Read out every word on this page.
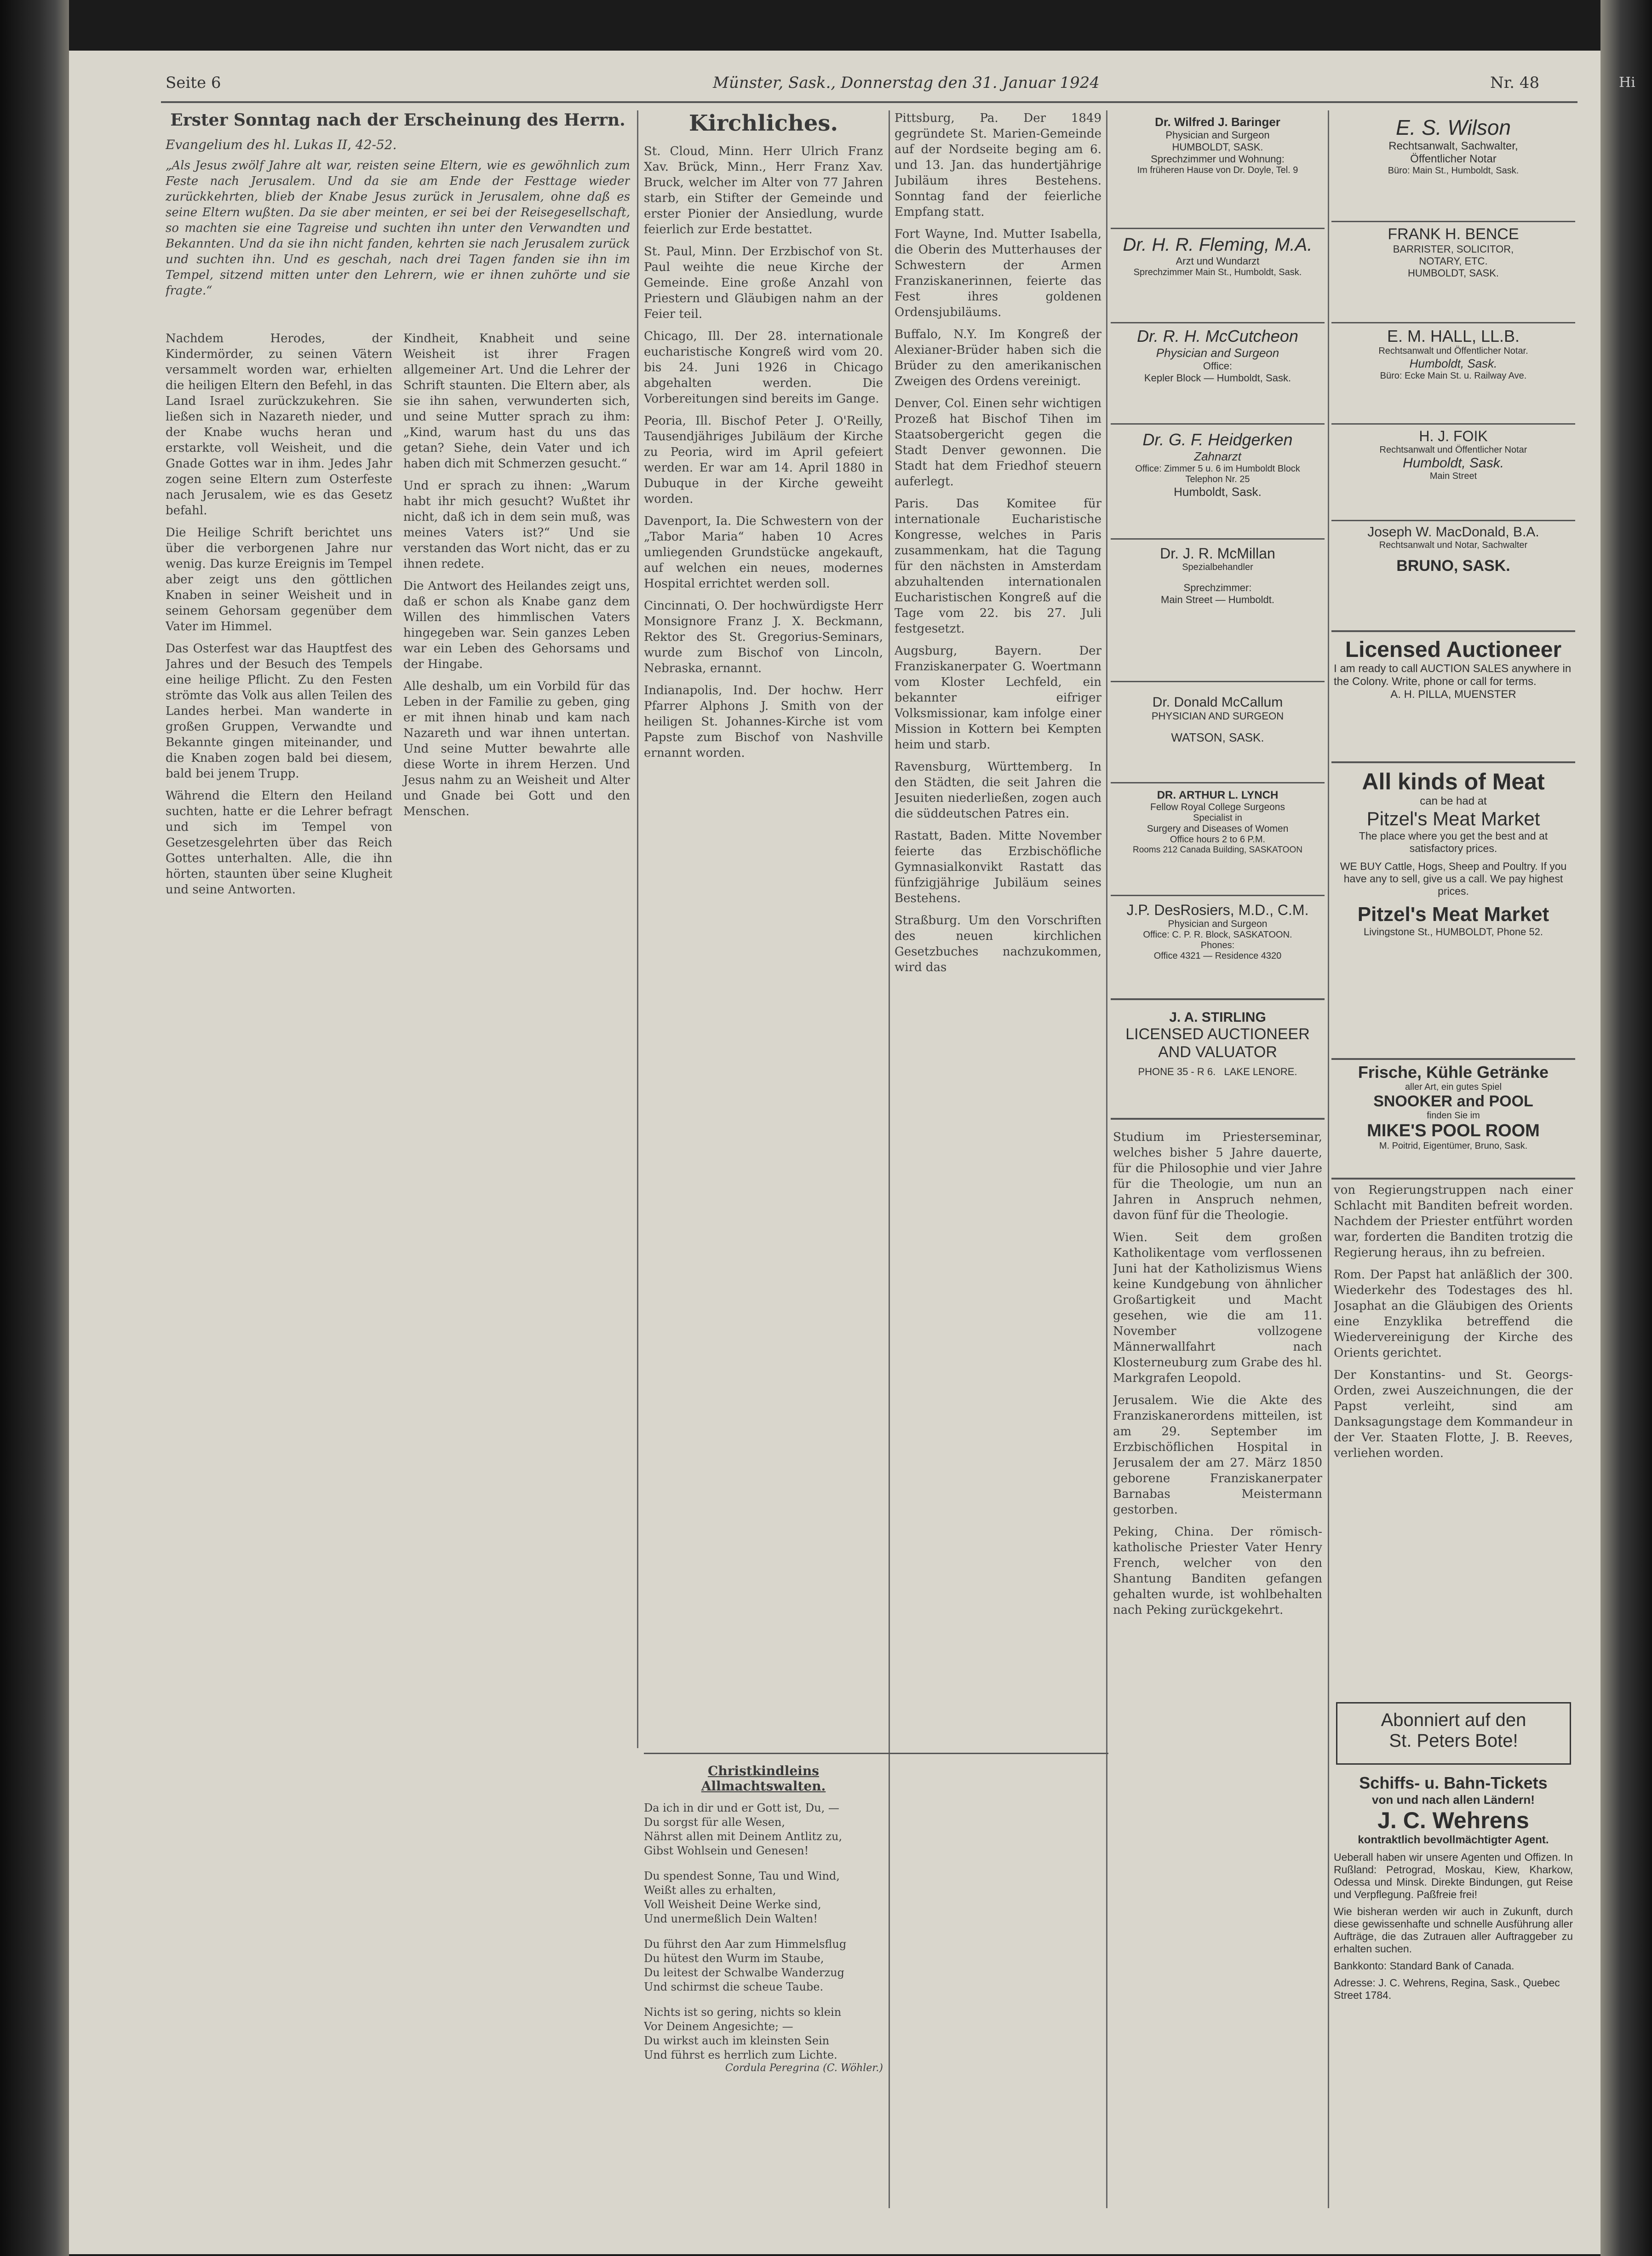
Hi
Seite 6	Münster, Sask., Donnerstag den 31. Januar 1924	Nr. 48
Erster Sonntag nach der Erscheinung des Herrn.
Evangelium des hl. Lukas II, 42-52.

„Als Jesus zwölf Jahre alt war, reisten seine Eltern, wie es gewöhnlich zum Feste nach Jerusalem. Und da sie am Ende der Festtage wieder zurückkehrten, blieb der Knabe Jesus zurück in Jerusalem, ohne daß es seine Eltern wußten. Da sie aber meinten, er sei bei der Reisegesellschaft, so machten sie eine Tagreise und suchten ihn unter den Verwandten und Bekannten. Und da sie ihn nicht fanden, kehrten sie nach Jerusalem zurück und suchten ihn. Und es geschah, nach drei Tagen fanden sie ihn im Tempel, sitzend mitten unter den Lehrern, wie er ihnen zuhörte und sie fragte.“

Nachdem Herodes, der Kindermörder, zu seinen Vätern versammelt worden war, erhielten die heiligen Eltern den Befehl, in das Land Israel zurückzukehren. Sie ließen sich in Nazareth nieder, und der Knabe wuchs heran und erstarkte, voll Weisheit, und die Gnade Gottes war in ihm. Jedes Jahr zogen seine Eltern zum Osterfeste nach Jerusalem, wie es das Gesetz befahl.

Die Heilige Schrift berichtet uns über die verborgenen Jahre nur wenig. Das kurze Ereignis im Tempel aber zeigt uns den göttlichen Knaben in seiner Weisheit und in seinem Gehorsam gegenüber dem Vater im Himmel.

Das Osterfest war das Hauptfest des Jahres und der Besuch des Tempels eine heilige Pflicht. Zu den Festen strömte das Volk aus allen Teilen des Landes herbei. Man wanderte in großen Gruppen, Verwandte und Bekannte gingen miteinander, und die Knaben zogen bald bei diesem, bald bei jenem Trupp.

Während die Eltern den Heiland suchten, hatte er die Lehrer befragt und sich im Tempel von Gesetzesgelehrten über das Reich Gottes unterhalten. Alle, die ihn hörten, staunten über seine Klugheit und seine Antworten.

Kindheit, Knabheit und seine Weisheit ist ihrer Fragen allgemeiner Art. Und die Lehrer der Schrift staunten. Die Eltern aber, als sie ihn sahen, verwunderten sich, und seine Mutter sprach zu ihm: „Kind, warum hast du uns das getan? Siehe, dein Vater und ich haben dich mit Schmerzen gesucht.“

Und er sprach zu ihnen: „Warum habt ihr mich gesucht? Wußtet ihr nicht, daß ich in dem sein muß, was meines Vaters ist?“ Und sie verstanden das Wort nicht, das er zu ihnen redete.

Die Antwort des Heilandes zeigt uns, daß er schon als Knabe ganz dem Willen des himmlischen Vaters hingegeben war. Sein ganzes Leben war ein Leben des Gehorsams und der Hingabe.

Alle deshalb, um ein Vorbild für das Leben in der Familie zu geben, ging er mit ihnen hinab und kam nach Nazareth und war ihnen untertan. Und seine Mutter bewahrte alle diese Worte in ihrem Herzen. Und Jesus nahm zu an Weisheit und Alter und Gnade bei Gott und den Menschen.

Kirchliches.

St. Cloud, Minn. Herr Ulrich Franz Xav. Brück, Minn., Herr Franz Xav. Bruck, welcher im Alter von 77 Jahren starb, ein Stifter der Gemeinde und erster Pionier der Ansiedlung, wurde feierlich zur Erde bestattet.

St. Paul, Minn. Der Erzbischof von St. Paul weihte die neue Kirche der Gemeinde. Eine große Anzahl von Priestern und Gläubigen nahm an der Feier teil.

Chicago, Ill. Der 28. internationale eucharistische Kongreß wird vom 20. bis 24. Juni 1926 in Chicago abgehalten werden. Die Vorbereitungen sind bereits im Gange.

Peoria, Ill. Bischof Peter J. O'Reilly, Tausendjähriges Jubiläum der Kirche zu Peoria, wird im April gefeiert werden. Er war am 14. April 1880 in Dubuque in der Kirche geweiht worden.

Davenport, Ia. Die Schwestern von der „Tabor Maria“ haben 10 Acres umliegenden Grundstücke angekauft, auf welchen ein neues, modernes Hospital errichtet werden soll.

Cincinnati, O. Der hochwürdigste Herr Monsignore Franz J. X. Beckmann, Rektor des St. Gregorius-Seminars, wurde zum Bischof von Lincoln, Nebraska, ernannt.

Indianapolis, Ind. Der hochw. Herr Pfarrer Alphons J. Smith von der heiligen St. Johannes-Kirche ist vom Papste zum Bischof von Nashville ernannt worden.

Christkindleins Allmachtswalten.
Da ich in dir und er Gott ist, Du, —
Du sorgst für alle Wesen,
Nährst allen mit Deinem Antlitz zu,
Gibst Wohlsein und Genesen!
Du spendest Sonne, Tau und Wind,
Weißt alles zu erhalten,
Voll Weisheit Deine Werke sind,
Und unermeßlich Dein Walten!
Du führst den Aar zum Himmelsflug
Du hütest den Wurm im Staube,
Du leitest der Schwalbe Wanderzug
Und schirmst die scheue Taube.
Nichts ist so gering, nichts so klein
Vor Deinem Angesichte; —
Du wirkst auch im kleinsten Sein
Und führst es herrlich zum Lichte.
Cordula Peregrina (C. Wöhler.)

Pittsburg, Pa. Der 1849 gegründete St. Marien-Gemeinde auf der Nordseite beging am 6. und 13. Jan. das hundertjährige Jubiläum ihres Bestehens. Sonntag fand der feierliche Empfang statt.

Fort Wayne, Ind. Mutter Isabella, die Oberin des Mutterhauses der Schwestern der Armen Franziskanerinnen, feierte das Fest ihres goldenen Ordensjubiläums.

Buffalo, N.Y. Im Kongreß der Alexianer-Brüder haben sich die Brüder zu den amerikanischen Zweigen des Ordens vereinigt.

Denver, Col. Einen sehr wichtigen Prozeß hat Bischof Tihen im Staatsobergericht gegen die Stadt Denver gewonnen. Die Stadt hat dem Friedhof steuern auferlegt.

Paris. Das Komitee für internationale Eucharistische Kongresse, welches in Paris zusammenkam, hat die Tagung für den nächsten in Amsterdam abzuhaltenden internationalen Eucharistischen Kongreß auf die Tage vom 22. bis 27. Juli festgesetzt.

Augsburg, Bayern. Der Franziskanerpater G. Woertmann vom Kloster Lechfeld, ein bekannter eifriger Volksmissionar, kam infolge einer Mission in Kottern bei Kempten heim und starb.

Ravensburg, Württemberg. In den Städten, die seit Jahren die Jesuiten niederließen, zogen auch die süddeutschen Patres ein.

Rastatt, Baden. Mitte November feierte das Erzbischöfliche Gymnasialkonvikt Rastatt das fünfzigjährige Jubiläum seines Bestehens.

Straßburg. Um den Vorschriften des neuen kirchlichen Gesetzbuches nachzukommen, wird das

Dr. Wilfred J. Baringer
Physician and Surgeon
HUMBOLDT, SASK.
Sprechzimmer und Wohnung:
Im früheren Hause von Dr. Doyle, Tel. 9
Dr. H. R. Fleming, M.A.
Arzt und Wundarzt
Sprechzimmer Main St., Humboldt, Sask.
Dr. R. H. McCutcheon
Physician and Surgeon
Office:
Kepler Block — Humboldt, Sask.
Dr. G. F. Heidgerken
Zahnarzt
Office: Zimmer 5 u. 6 im Humboldt Block
Telephon Nr. 25
Humboldt, Sask.
Dr. J. R. McMillan
Spezialbehandler
Sprechzimmer:
Main Street — Humboldt.
Dr. Donald McCallum
PHYSICIAN AND SURGEON
WATSON, SASK.
DR. ARTHUR L. LYNCH
Fellow Royal College Surgeons
Specialist in
Surgery and Diseases of Women
Office hours 2 to 6 P.M.
Rooms 212 Canada Building, SASKATOON
J.P. DesRosiers, M.D., C.M.
Physician and Surgeon
Office: C. P. R. Block, SASKATOON.
Phones:
Office 4321 — Residence 4320
J. A. STIRLING
LICENSED AUCTIONEER
AND VALUATOR
PHONE 35 - R 6. LAKE LENORE.

Studium im Priesterseminar, welches bisher 5 Jahre dauerte, für die Philosophie und vier Jahre für die Theologie, um nun an Jahren in Anspruch nehmen, davon fünf für die Theologie.

Wien. Seit dem großen Katholikentage vom verflossenen Juni hat der Katholizismus Wiens keine Kundgebung von ähnlicher Großartigkeit und Macht gesehen, wie die am 11. November vollzogene Männerwallfahrt nach Klosterneuburg zum Grabe des hl. Markgrafen Leopold.

Jerusalem. Wie die Akte des Franziskanerordens mitteilen, ist am 29. September im Erzbischöflichen Hospital in Jerusalem der am 27. März 1850 geborene Franziskanerpater Barnabas Meistermann gestorben.

Peking, China. Der römisch-katholische Priester Vater Henry French, welcher von den Shantung Banditen gefangen gehalten wurde, ist wohlbehalten nach Peking zurückgekehrt.

E. S. Wilson
Rechtsanwalt, Sachwalter,
Öffentlicher Notar
Büro: Main St., Humboldt, Sask.
FRANK H. BENCE
BARRISTER, SOLICITOR,
NOTARY, ETC.
HUMBOLDT, SASK.
E. M. HALL, LL.B.
Rechtsanwalt und Öffentlicher Notar.
Humboldt, Sask.
Büro: Ecke Main St. u. Railway Ave.
H. J. FOIK
Rechtsanwalt und Öffentlicher Notar
Humboldt, Sask.
Main Street
Joseph W. MacDonald, B.A.
Rechtsanwalt und Notar, Sachwalter
BRUNO, SASK.
Licensed Auctioneer
I am ready to call AUCTION SALES anywhere in the Colony. Write, phone or call for terms.
A. H. PILLA, MUENSTER
All kinds of Meat
can be had at
Pitzel's Meat Market
The place where you get the best and at satisfactory prices.
WE BUY Cattle, Hogs, Sheep and Poultry. If you have any to sell, give us a call. We pay highest prices.
Pitzel's Meat Market
Livingstone St., HUMBOLDT, Phone 52.
Frische, Kühle Getränke
aller Art, ein gutes Spiel
SNOOKER and POOL
finden Sie im
MIKE'S POOL ROOM
M. Poitrid, Eigentümer, Bruno, Sask.

von Regierungstruppen nach einer Schlacht mit Banditen befreit worden. Nachdem der Priester entführt worden war, forderten die Banditen trotzig die Regierung heraus, ihn zu befreien.

Rom. Der Papst hat anläßlich der 300. Wiederkehr des Todestages des hl. Josaphat an die Gläubigen des Orients eine Enzyklika betreffend die Wiedervereinigung der Kirche des Orients gerichtet.

Der Konstantins- und St. Georgs-Orden, zwei Auszeichnungen, die der Papst verleiht, sind am Danksagungstage dem Kommandeur in der Ver. Staaten Flotte, J. B. Reeves, verliehen worden.

Abonniert auf den
St. Peters Bote!
Schiffs- u. Bahn-Tickets
von und nach allen Ländern!
J. C. Wehrens
kontraktlich bevollmächtigter Agent.
Ueberall haben wir unsere Agenten und Offizen. In Rußland: Petrograd, Moskau, Kiew, Kharkow, Odessa und Minsk. Direkte Bindungen, gut Reise und Verpflegung. Paßfreie frei!
Wie bisheran werden wir auch in Zukunft, durch diese gewissenhafte und schnelle Ausführung aller Aufträge, die das Zutrauen aller Auftraggeber zu erhalten suchen.
Bankkonto: Standard Bank of Canada.
Adresse: J. C. Wehrens, Regina, Sask., Quebec Street 1784.
